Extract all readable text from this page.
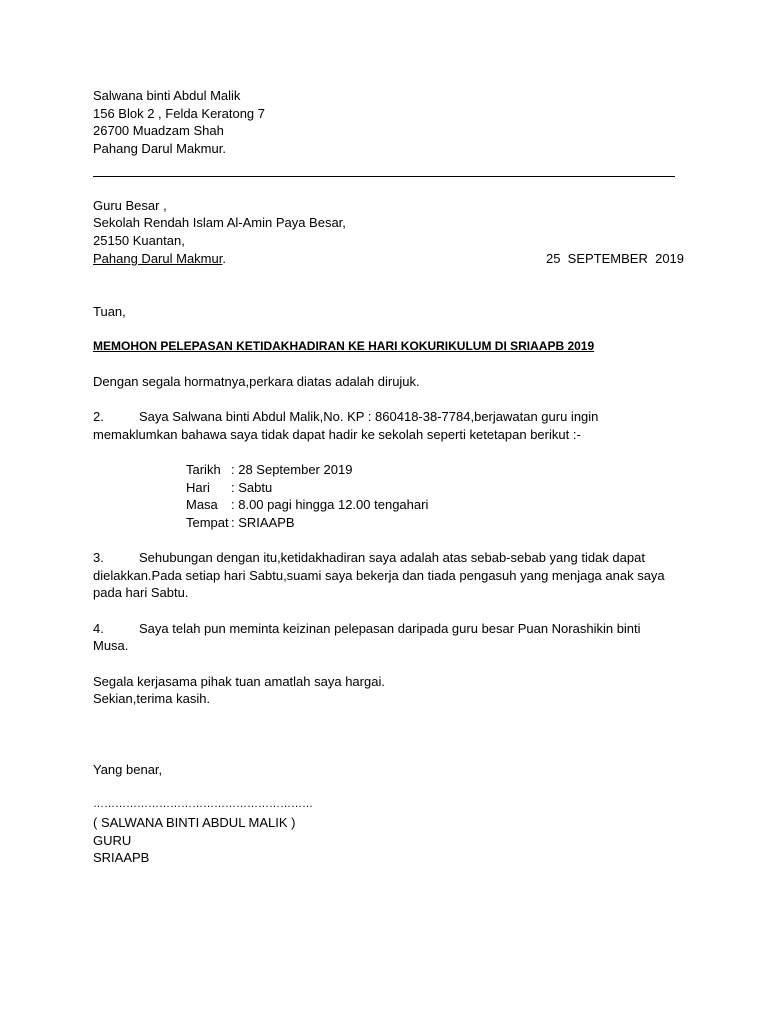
Salwana binti Abdul Malik
156 Blok 2 , Felda Keratong 7
26700 Muadzam Shah
Pahang Darul Makmur.
Guru Besar ,
Sekolah Rendah Islam Al-Amin Paya Besar,
25150 Kuantan,
Pahang Darul Makmur.	25  SEPTEMBER  2019
Tuan,
MEMOHON PELEPASAN KETIDAKHADIRAN KE HARI KOKURIKULUM DI SRIAAPB 2019
Dengan segala hormatnya,perkara diatas adalah dirujuk.
2.	Saya Salwana binti Abdul Malik,No. KP : 860418-38-7784,berjawatan guru ingin
memaklumkan bahawa saya tidak dapat hadir ke sekolah seperti ketetapan berikut :-
Tarikh : 28 September 2019
Hari : Sabtu
Masa : 8.00 pagi hingga 12.00 tengahari
Tempat : SRIAAPB
3.	Sehubungan dengan itu,ketidakhadiran saya adalah atas sebab-sebab yang tidak dapat
dielakkan.Pada setiap hari Sabtu,suami saya bekerja dan tiada pengasuh yang menjaga anak saya
pada hari Sabtu.
4.	Saya telah pun meminta keizinan pelepasan daripada guru besar Puan Norashikin binti
Musa.
Segala kerjasama pihak tuan amatlah saya hargai.
Sekian,terima kasih.
Yang benar,
……………………………………………………
( SALWANA BINTI ABDUL MALIK )
GURU
SRIAAPB
